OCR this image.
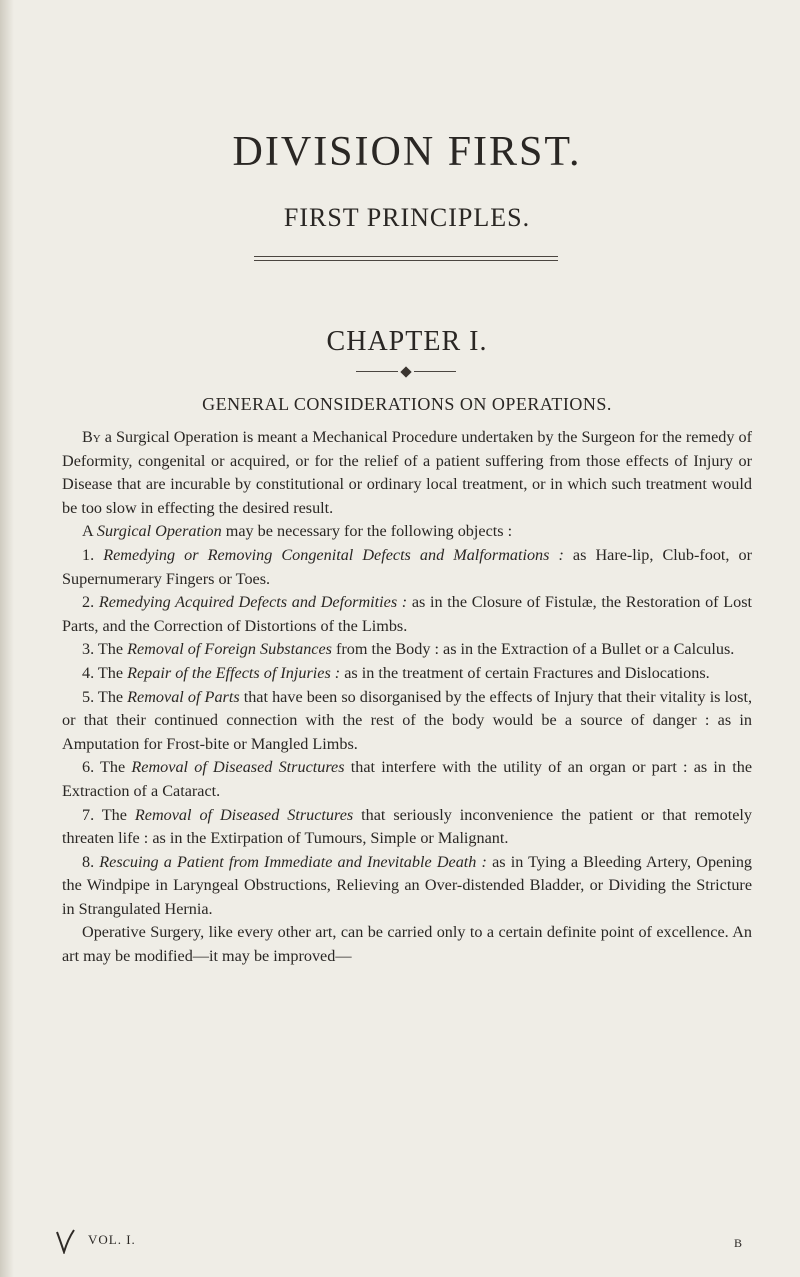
DIVISION FIRST.
FIRST PRINCIPLES.
CHAPTER I.
GENERAL CONSIDERATIONS ON OPERATIONS.

By a Surgical Operation is meant a Mechanical Procedure undertaken by the Surgeon for the remedy of Deformity, congenital or acquired, or for the relief of a patient suffering from those effects of Injury or Disease that are incurable by constitutional or ordinary local treatment, or in which such treatment would be too slow in effecting the desired result.

A Surgical Operation may be necessary for the following objects :

1. Remedying or Removing Congenital Defects and Malformations : as Hare-lip, Club-foot, or Supernumerary Fingers or Toes.

2. Remedying Acquired Defects and Deformities : as in the Closure of Fistulæ, the Restoration of Lost Parts, and the Correction of Distortions of the Limbs.

3. The Removal of Foreign Substances from the Body : as in the Extraction of a Bullet or a Calculus.

4. The Repair of the Effects of Injuries : as in the treatment of certain Fractures and Dislocations.

5. The Removal of Parts that have been so disorganised by the effects of Injury that their vitality is lost, or that their continued connection with the rest of the body would be a source of danger : as in Amputation for Frost-bite or Mangled Limbs.

6. The Removal of Diseased Structures that interfere with the utility of an organ or part : as in the Extraction of a Cataract.

7. The Removal of Diseased Structures that seriously inconvenience the patient or that remotely threaten life : as in the Extirpation of Tumours, Simple or Malignant.

8. Rescuing a Patient from Immediate and Inevitable Death : as in Tying a Bleeding Artery, Opening the Windpipe in Laryngeal Obstructions, Relieving an Over-distended Bladder, or Dividing the Stricture in Strangulated Hernia.

Operative Surgery, like every other art, can be carried only to a certain definite point of excellence. An art may be modified—it may be improved—

VOL. I.	B
